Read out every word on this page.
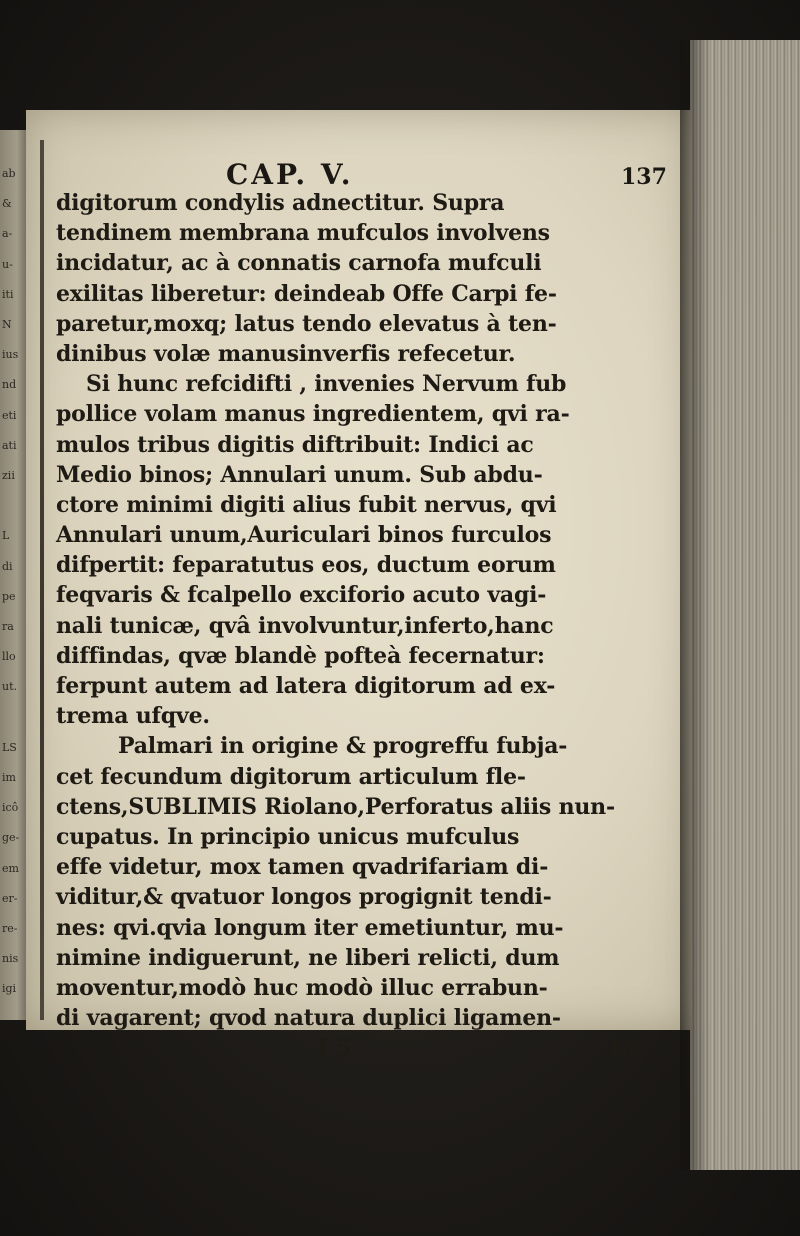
ab
&
a-
u-
iti
N
ius
nd
eti
ati
zii
L
di
pe
ra
llo
ut.
LS
im
icô
ge-
em
er-
re-
nis
igi
CAP. V.	137
digitorum condylis adnectitur. Supra
tendinem membrana mufculos involvens
incidatur, ac à connatis carnofa mufculi
exilitas liberetur: deindeab Offe Carpi fe-
paretur,moxq; latus tendo elevatus à ten-
dinibus volæ manusinverfis refecetur.
Si hunc refcidifti , invenies Nervum fub
pollice volam manus ingredientem, qvi ra-
mulos tribus digitis diftribuit: Indici ac
Medio binos; Annulari unum. Sub abdu-
ctore minimi digiti alius fubit nervus, qvi
Annulari unum,Auriculari binos furculos
difpertit: feparatutus eos, ductum eorum
feqvaris & fcalpello exciforio acuto vagi-
nali tunicæ, qvâ involvuntur,inferto,hanc
diffindas, qvæ blandè pofteà fecernatur:
ferpunt autem ad latera digitorum ad ex-
trema ufqve.
Palmari in origine & progreffu fubja-
cet fecundum digitorum articulum fle-
ctens,SUBLIMIS Riolano,Perforatus aliis nun-
cupatus. In principio unicus mufculus
effe videtur, mox tamen qvadrifariam di-
viditur,& qvatuor longos progignit tendi-
nes: qvi.qvia longum iter emetiuntur, mu-
nimine indiguerunt, ne liberi relicti, dum
moventur,modò huc modò illuc errabun-
di vagarent; qvod natura duplici ligamen-
I 5	to
